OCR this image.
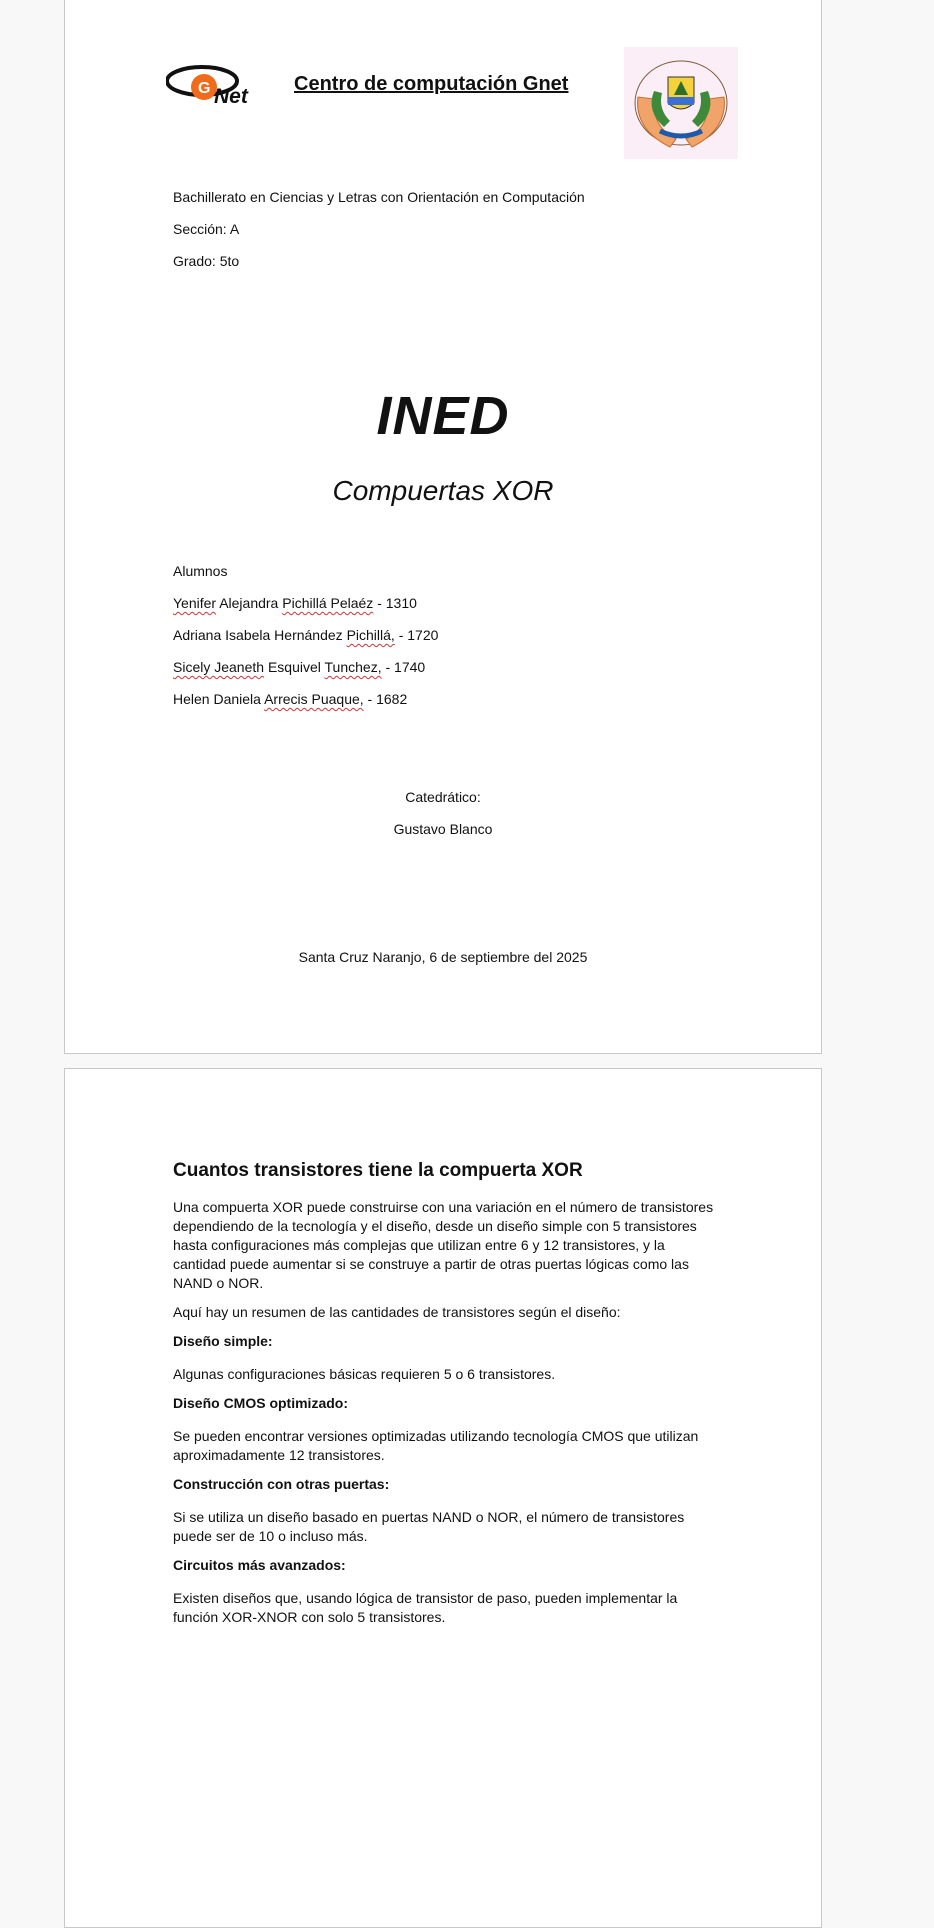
G Net
Centro de computación Gnet
Bachillerato en Ciencias y Letras con Orientación en Computación
Sección: A
Grado: 5to
INED
Compuertas XOR
Alumnos
Yenifer Alejandra Pichillá Pelaéz - 1310
Adriana Isabela Hernández Pichillá, - 1720
Sicely Jeaneth Esquivel Tunchez, - 1740
Helen Daniela Arrecis Puaque, - 1682
Catedrático:
Gustavo Blanco
Santa Cruz Naranjo, 6 de septiembre del 2025
Cuantos transistores tiene la compuerta XOR

Una compuerta XOR puede construirse con una variación en el número de transistores dependiendo de la tecnología y el diseño, desde un diseño simple con 5 transistores hasta configuraciones más complejas que utilizan entre 6 y 12 transistores, y la cantidad puede aumentar si se construye a partir de otras puertas lógicas como las NAND o NOR.

Aquí hay un resumen de las cantidades de transistores según el diseño:

Diseño simple:

Algunas configuraciones básicas requieren 5 o 6 transistores.

Diseño CMOS optimizado:

Se pueden encontrar versiones optimizadas utilizando tecnología CMOS que utilizan aproximadamente 12 transistores.

Construcción con otras puertas:

Si se utiliza un diseño basado en puertas NAND o NOR, el número de transistores puede ser de 10 o incluso más.

Circuitos más avanzados:

Existen diseños que, usando lógica de transistor de paso, pueden implementar la función XOR-XNOR con solo 5 transistores.
